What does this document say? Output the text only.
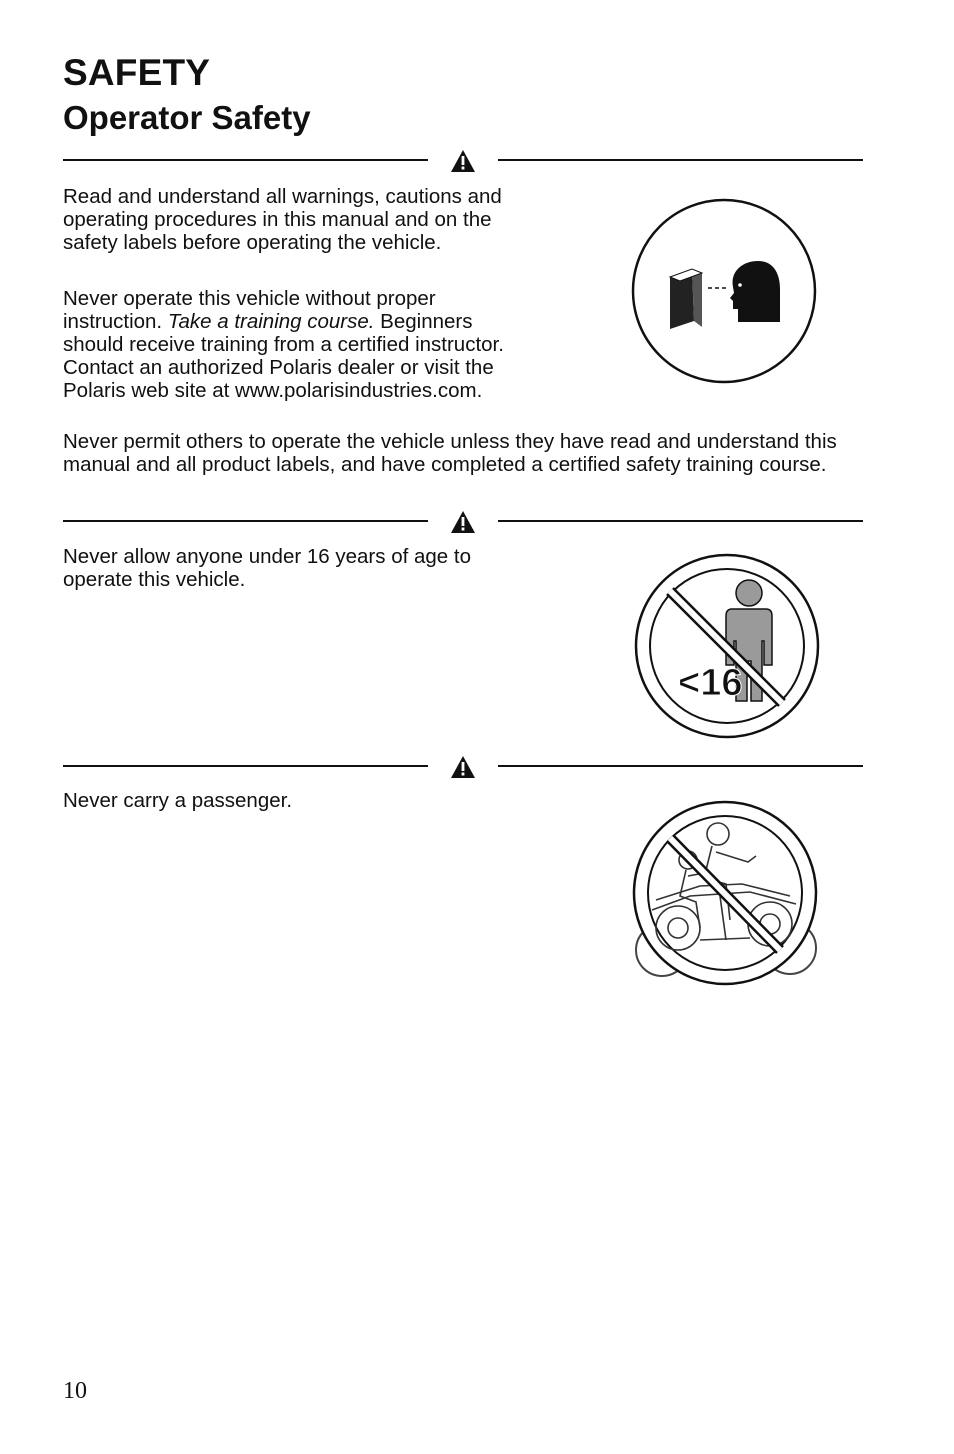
SAFETY
Operator Safety

Read and understand all warnings, cautions and operating procedures in this manual and on the safety labels before operating the vehicle.

Never operate this vehicle without proper instruction. Take a training course. Beginners should receive training from a certified instructor. Contact an authorized Polaris dealer or visit the Polaris web site at www.polarisindustries.com.

Never permit others to operate the vehicle unless they have read and understand this manual and all product labels, and have completed a certified safety training course.

Never allow anyone under 16 years of age to operate this vehicle.

<16

Never carry a passenger.

10
